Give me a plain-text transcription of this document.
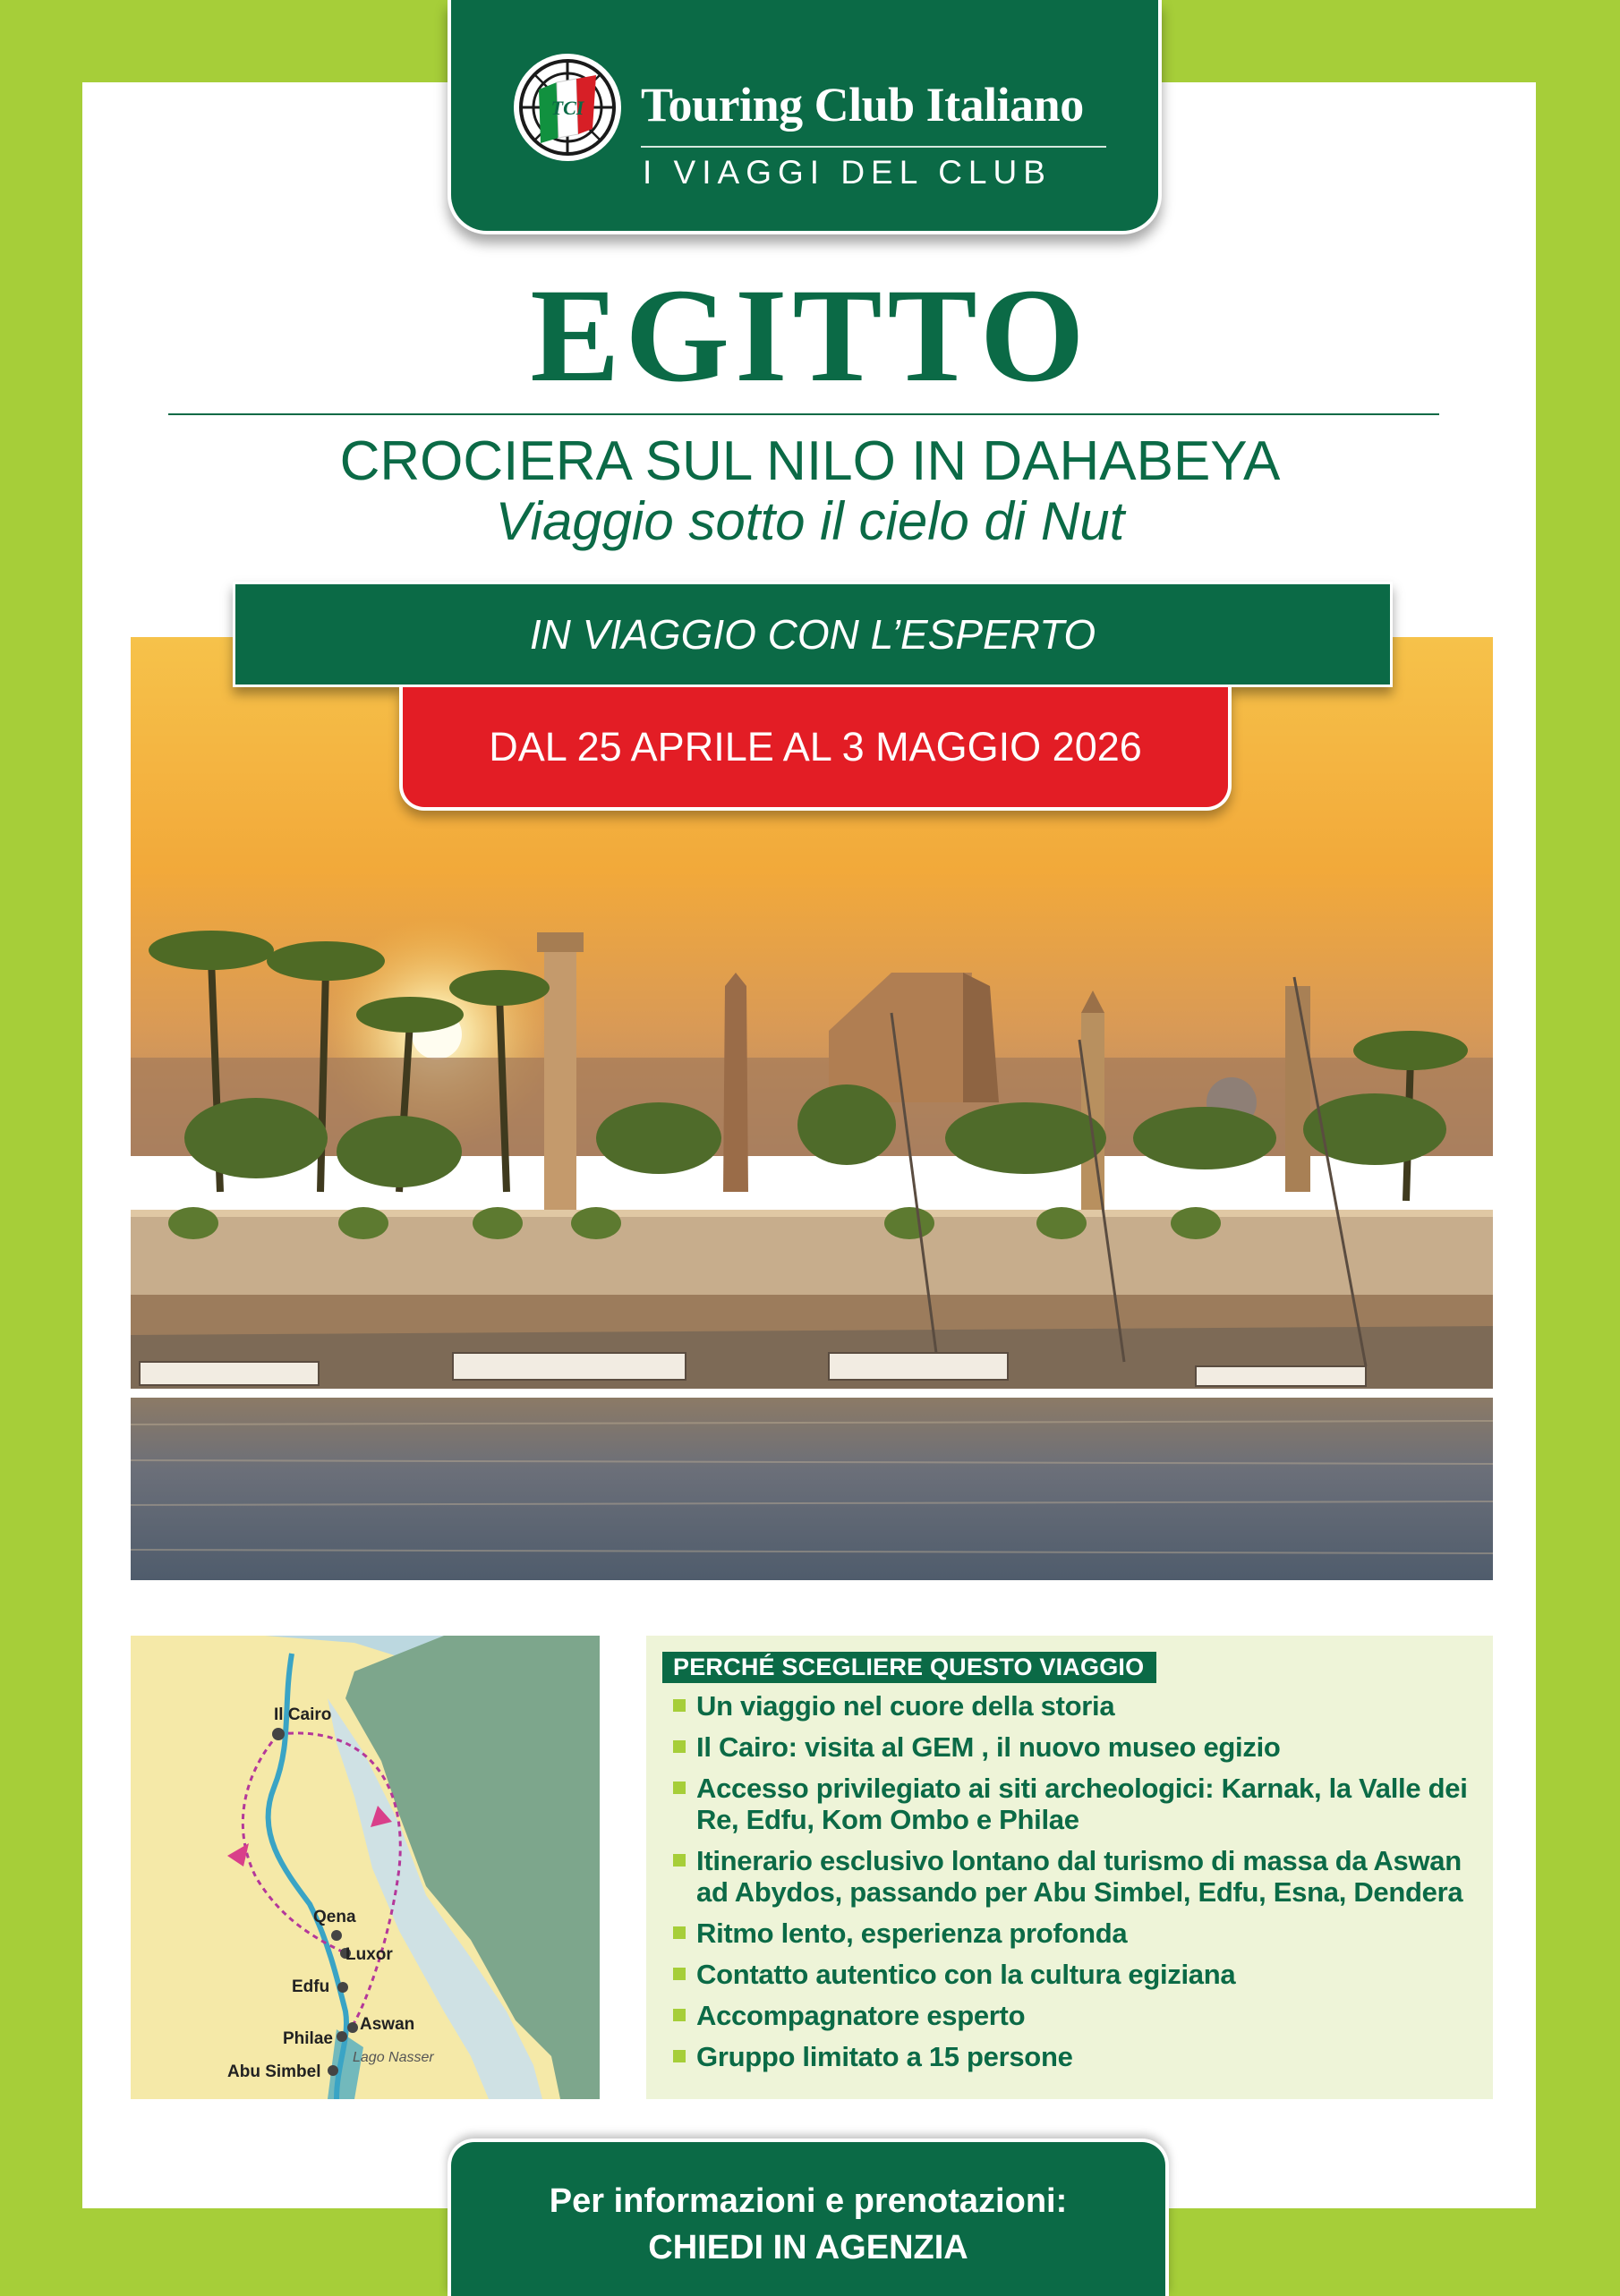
TCI Touring Club Italiano
I VIAGGI DEL CLUB
EGITTO
CROCIERA SUL NILO IN DAHABEYA
Viaggio sotto il cielo di Nut
IN VIAGGIO CON L’ESPERTO
DAL 25 APRILE AL 3 MAGGIO 2026
Il Cairo
Qena
Luxor
Edfu
Aswan
Philae
Abu Simbel
Lago Nasser
PERCHÉ SCEGLIERE QUESTO VIAGGIO
Un viaggio nel cuore della storia
Il Cairo: visita al GEM , il nuovo museo egizio
Accesso privilegiato ai siti archeologici: Karnak, la Valle dei Re, Edfu, Kom Ombo e Philae
Itinerario esclusivo lontano dal turismo di massa da Aswan ad Abydos, passando per Abu Simbel, Edfu, Esna, Dendera
Ritmo lento, esperienza profonda
Contatto autentico con la cultura egiziana
Accompagnatore esperto
Gruppo limitato a 15 persone
Per informazioni e prenotazioni:
CHIEDI IN AGENZIA
